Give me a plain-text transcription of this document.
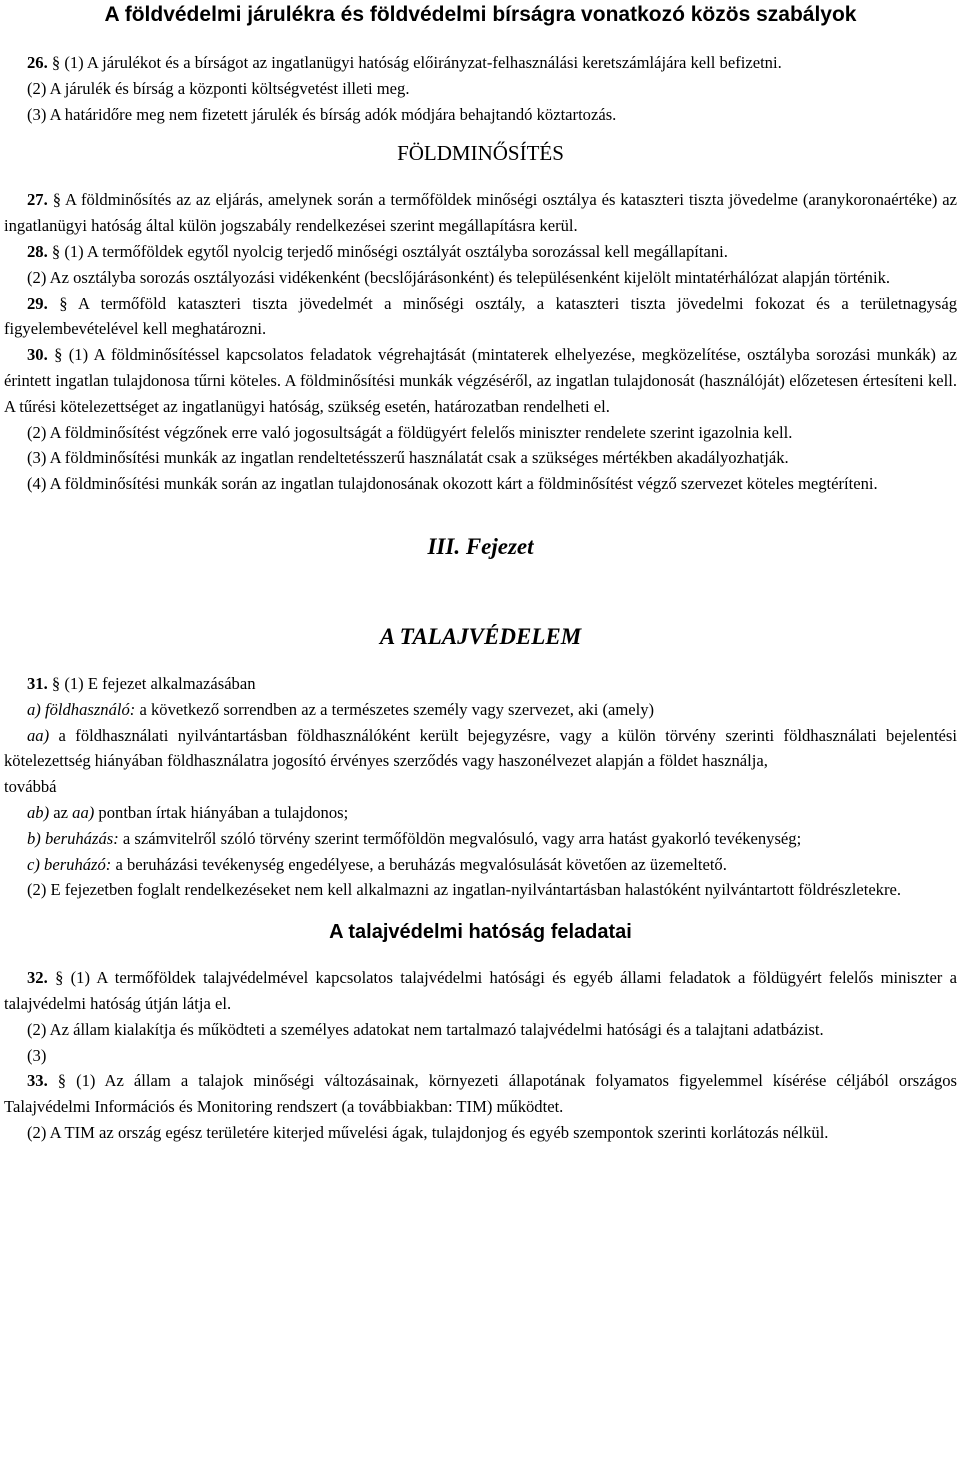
A földvédelmi járulékra és földvédelmi bírságra vonatkozó közös szabályok

26. § (1) A járulékot és a bírságot az ingatlanügyi hatóság előirányzat-felhasználási keretszámlájára kell befizetni.

(2) A járulék és bírság a központi költségvetést illeti meg.

(3) A határidőre meg nem fizetett járulék és bírság adók módjára behajtandó köztartozás.

FÖLDMINŐSÍTÉS

27. § A földminősítés az az eljárás, amelynek során a termőföldek minőségi osztálya és kataszteri tiszta jövedelme (aranykoronaértéke) az ingatlanügyi hatóság által külön jogszabály rendelkezései szerint megállapításra kerül.

28. § (1) A termőföldek egytől nyolcig terjedő minőségi osztályát osztályba sorozással kell megállapítani.

(2) Az osztályba sorozás osztályozási vidékenként (becslőjárásonként) és településenként kijelölt mintatérhálózat alapján történik.

29. § A termőföld kataszteri tiszta jövedelmét a minőségi osztály, a kataszteri tiszta jövedelmi fokozat és a területnagyság figyelembevételével kell meghatározni.

30. § (1) A földminősítéssel kapcsolatos feladatok végrehajtását (mintaterek elhelyezése, megközelítése, osztályba sorozási munkák) az érintett ingatlan tulajdonosa tűrni köteles. A földminősítési munkák végzéséről, az ingatlan tulajdonosát (használóját) előzetesen értesíteni kell. A tűrési kötelezettséget az ingatlanügyi hatóság, szükség esetén, határozatban rendelheti el.

(2) A földminősítést végzőnek erre való jogosultságát a földügyért felelős miniszter rendelete szerint igazolnia kell.

(3) A földminősítési munkák az ingatlan rendeltetésszerű használatát csak a szükséges mértékben akadályozhatják.

(4) A földminősítési munkák során az ingatlan tulajdonosának okozott kárt a földminősítést végző szervezet köteles megtéríteni.

III. Fejezet
A TALAJVÉDELEM

31. § (1) E fejezet alkalmazásában

a) földhasználó: a következő sorrendben az a természetes személy vagy szervezet, aki (amely)

aa) a földhasználati nyilvántartásban földhasználóként került bejegyzésre, vagy a külön törvény szerinti földhasználati bejelentési kötelezettség hiányában földhasználatra jogosító érvényes szerződés vagy haszonélvezet alapján a földet használja,

továbbá

ab) az aa) pontban írtak hiányában a tulajdonos;

b) beruházás: a számvitelről szóló törvény szerint termőföldön megvalósuló, vagy arra hatást gyakorló tevékenység;

c) beruházó: a beruházási tevékenység engedélyese, a beruházás megvalósulását követően az üzemeltető.

(2) E fejezetben foglalt rendelkezéseket nem kell alkalmazni az ingatlan-nyilvántartásban halastóként nyilvántartott földrészletekre.

A talajvédelmi hatóság feladatai

32. § (1) A termőföldek talajvédelmével kapcsolatos talajvédelmi hatósági és egyéb állami feladatok a földügyért felelős miniszter a talajvédelmi hatóság útján látja el.

(2) Az állam kialakítja és működteti a személyes adatokat nem tartalmazó talajvédelmi hatósági és a talajtani adatbázist.

(3)

33. § (1) Az állam a talajok minőségi változásainak, környezeti állapotának folyamatos figyelemmel kísérése céljából országos Talajvédelmi Információs és Monitoring rendszert (a továbbiakban: TIM) működtet.

(2) A TIM az ország egész területére kiterjed művelési ágak, tulajdonjog és egyéb szempontok szerinti korlátozás nélkül.
